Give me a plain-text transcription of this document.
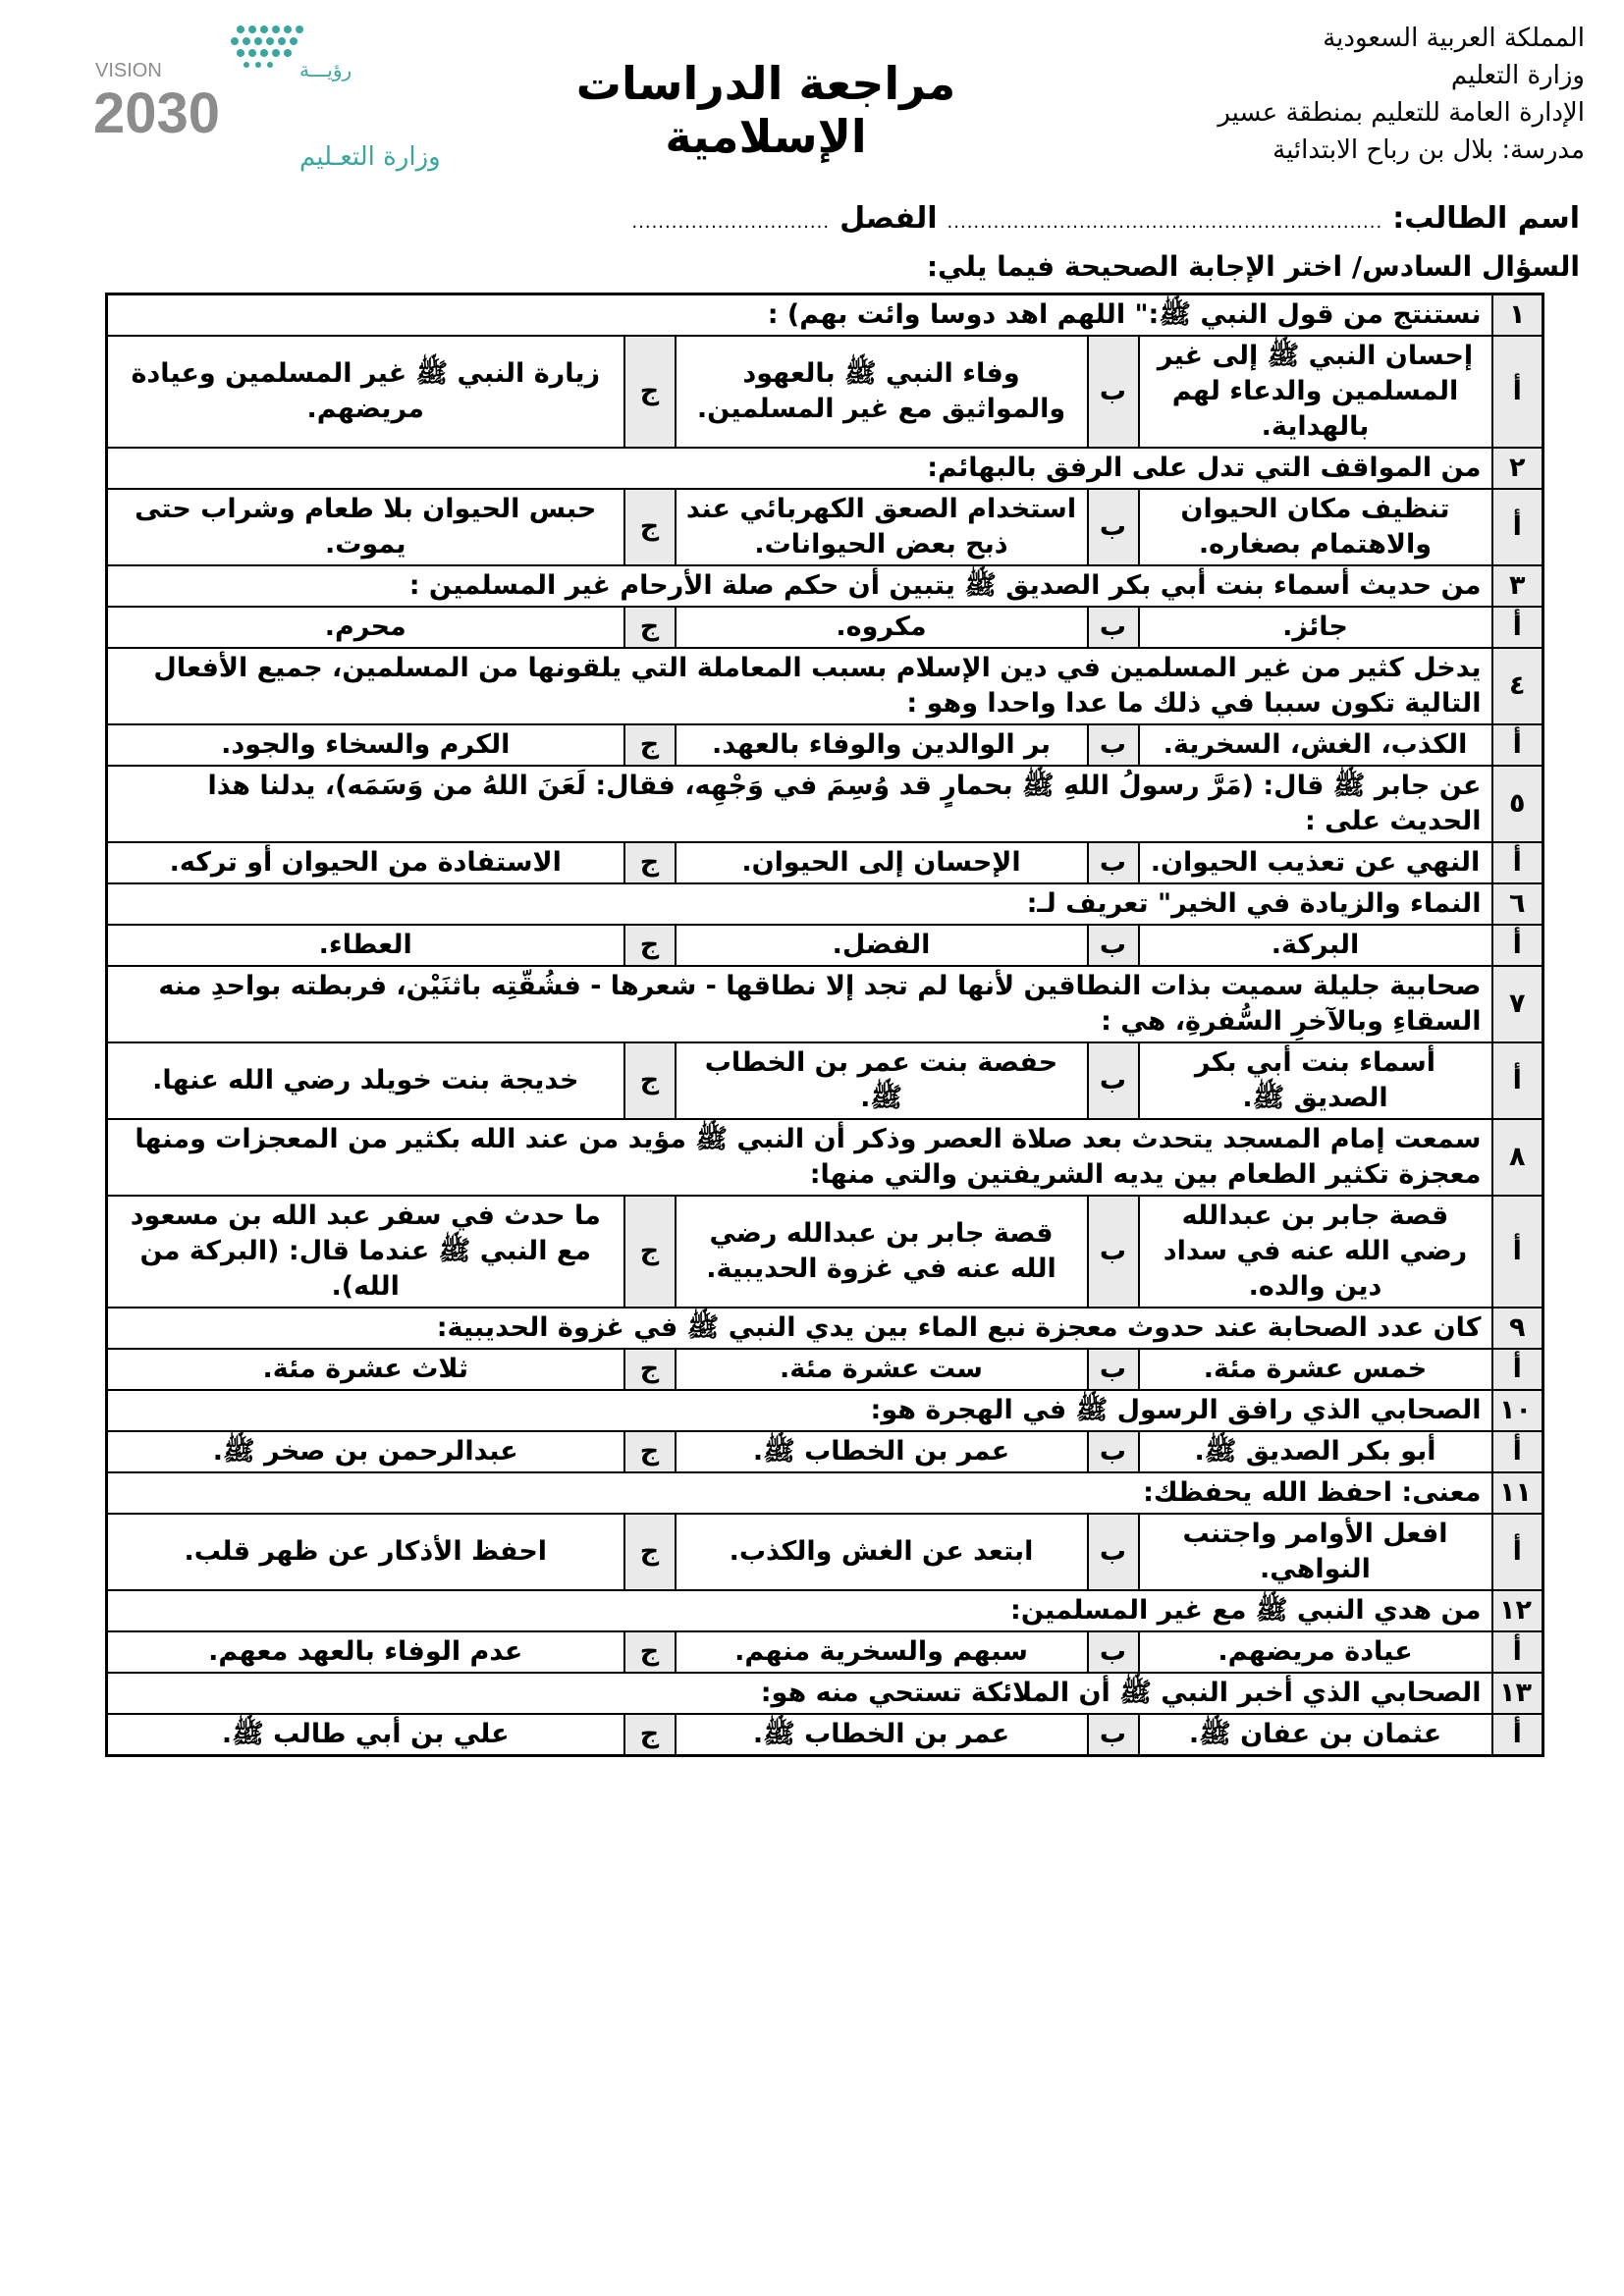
المملكة العربية السعودية
وزارة التعليم
الإدارة العامة للتعليم بمنطقة عسير
مدرسة: بلال بن رباح الابتدائية
مراجعة الدراسات الإسلامية
VISION	رؤيـــة
2030
وزارة التعـليم
اسم الطالب:
..................................................................
الفصل
..............................
السؤال السادس/ اختر الإجابة الصحيحة فيما يلي:
١	نستنتج من قول النبي ﷺ:" اللهم اهد دوسا وائت بهم) :				
أ	إحسان النبي ﷺ إلى غير المسلمين والدعاء لهم بالهداية.	ب	وفاء النبي ﷺ بالعهود والمواثيق مع غير المسلمين.	ج	زيارة النبي ﷺ غير المسلمين وعيادة مريضهم.
٢	من المواقف التي تدل على الرفق بالبهائم:				
أ	تنظيف مكان الحيوان والاهتمام بصغاره.	ب	استخدام الصعق الكهربائي عند ذبح بعض الحيوانات.	ج	حبس الحيوان بلا طعام وشراب حتى يموت.
٣	من حديث أسماء بنت أبي بكر الصديق ﷺ يتبين أن حكم صلة الأرحام غير المسلمين :				
أ	جائز.	ب	مكروه.	ج	محرم.
٤	يدخل كثير من غير المسلمين في دين الإسلام بسبب المعاملة التي يلقونها من المسلمين، جميع الأفعال التالية تكون سببا في ذلك ما عدا واحدا وهو :				
أ	الكذب، الغش، السخرية.	ب	بر الوالدين والوفاء بالعهد.	ج	الكرم والسخاء والجود.
٥	عن جابر ﷺ قال: (مَرَّ رسولُ اللهِ ﷺ بحمارٍ قد وُسِمَ في وَجْهِه، فقال: لَعَنَ اللهُ من وَسَمَه)، يدلنا هذا الحديث على :				
أ	النهي عن تعذيب الحيوان.	ب	الإحسان إلى الحيوان.	ج	الاستفادة من الحيوان أو تركه.
٦	النماء والزيادة في الخير" تعريف لـ:				
أ	البركة.	ب	الفضل.	ج	العطاء.
٧	صحابية جليلة سميت بذات النطاقين لأنها لم تجد إلا نطاقها - شعرها - فشُقّتِه باثنَيْن، فربطته بواحدِ منه السقاءِ وبالآخرِ السُّفرةِ، هي :				
أ	أسماء بنت أبي بكر الصديق ﷺ.	ب	حفصة بنت عمر بن الخطاب ﷺ.	ج	خديجة بنت خويلد رضي الله عنها.
٨	سمعت إمام المسجد يتحدث بعد صلاة العصر وذكر أن النبي ﷺ مؤيد من عند الله بكثير من المعجزات ومنها معجزة تكثير الطعام بين يديه الشريفتين والتي منها:				
أ	قصة جابر بن عبدالله رضي الله عنه في سداد دين والده.	ب	قصة جابر بن عبدالله رضي الله عنه في غزوة الحديبية.	ج	ما حدث في سفر عبد الله بن مسعود مع النبي ﷺ عندما قال: (البركة من الله).
٩	كان عدد الصحابة عند حدوث معجزة نبع الماء بين يدي النبي ﷺ في غزوة الحديبية:				
أ	خمس عشرة مئة.	ب	ست عشرة مئة.	ج	ثلاث عشرة مئة.
١٠	الصحابي الذي رافق الرسول ﷺ في الهجرة هو:				
أ	أبو بكر الصديق ﷺ.	ب	عمر بن الخطاب ﷺ.	ج	عبدالرحمن بن صخر ﷺ.
١١	معنى: احفظ الله يحفظك:				
أ	افعل الأوامر واجتنب النواهي.	ب	ابتعد عن الغش والكذب.	ج	احفظ الأذكار عن ظهر قلب.
١٢	من هدي النبي ﷺ مع غير المسلمين:				
أ	عيادة مريضهم.	ب	سبهم والسخرية منهم.	ج	عدم الوفاء بالعهد معهم.
١٣	الصحابي الذي أخبر النبي ﷺ أن الملائكة تستحي منه هو:				
أ	عثمان بن عفان ﷺ.	ب	عمر بن الخطاب ﷺ.	ج	علي بن أبي طالب ﷺ.
